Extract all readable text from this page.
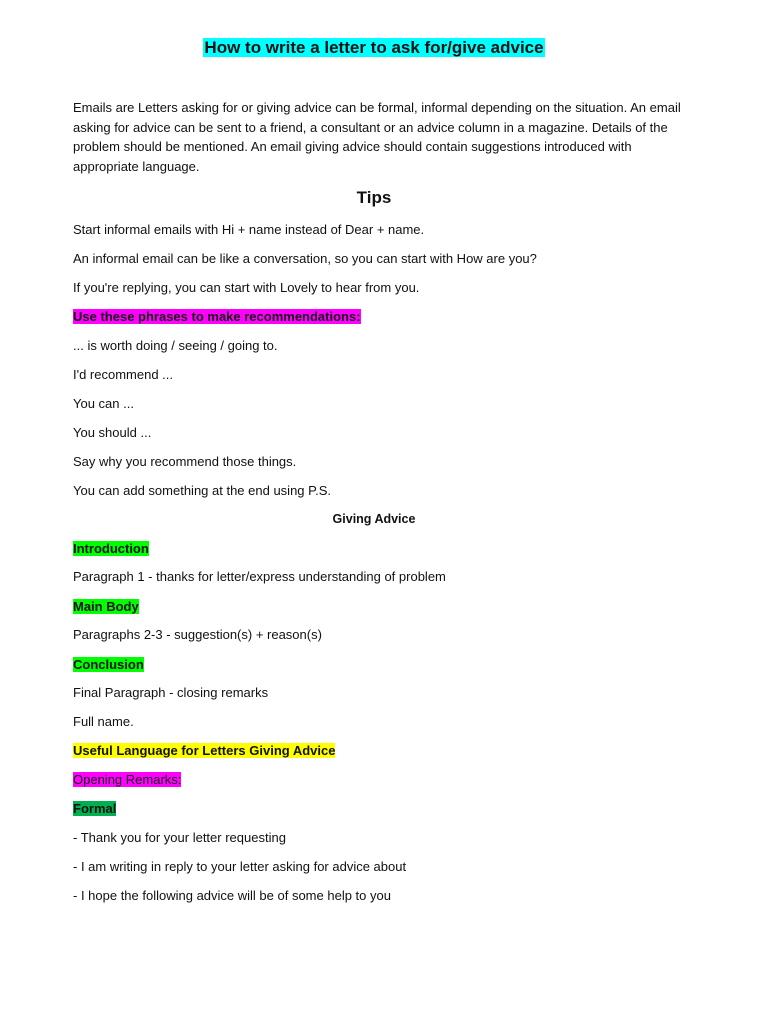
How to write a letter to ask for/give advice

Emails are Letters asking for or giving advice can be formal, informal depending on the situation. An email asking for advice can be sent to a friend, a consultant or an advice column in a magazine. Details of the problem should be mentioned. An email giving advice should contain suggestions introduced with appropriate language.

Tips
Start informal emails with Hi + name instead of Dear + name.
An informal email can be like a conversation, so you can start with How are you?
If you're replying, you can start with Lovely to hear from you.
Use these phrases to make recommendations:
... is worth doing / seeing / going to.
I'd recommend ...
You can ...
You should ...
Say why you recommend those things.
You can add something at the end using P.S.
Giving Advice
Introduction
Paragraph 1 - thanks for letter/express understanding of problem
Main Body
Paragraphs 2-3 - suggestion(s) + reason(s)
Conclusion
Final Paragraph - closing remarks
Full name.
Useful Language for Letters Giving Advice
Opening Remarks:
Formal
- Thank you for your letter requesting
- I am writing in reply to your letter asking for advice about
- I hope the following advice will be of some help to you
